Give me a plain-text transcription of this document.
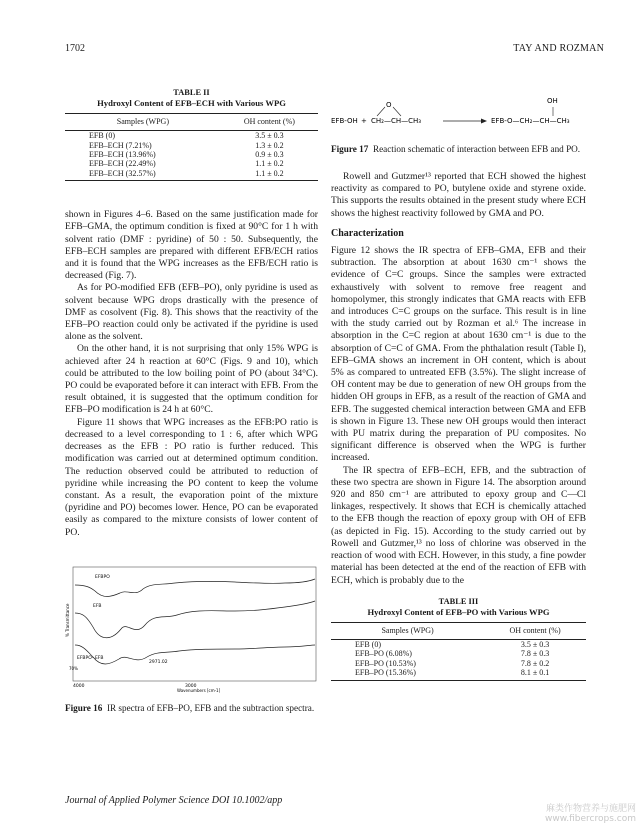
1702	TAY AND ROZMAN
TABLE II
Hydroxyl Content of EFB–ECH with Various WPG
Samples (WPG)	OH content (%)
EFB (0)	3.5 ± 0.3
EFB–ECH (7.21%)	1.3 ± 0.2
EFB–ECH (13.96%)	0.9 ± 0.3
EFB–ECH (22.49%)	1.1 ± 0.2
EFB–ECH (32.57%)	1.1 ± 0.2

shown in Figures 4–6. Based on the same justification made for EFB–GMA, the optimum condition is fixed at 90°C for 1 h with solvent ratio (DMF : pyridine) of 50 : 50. Subsequently, the EFB–ECH samples are prepared with different EFB/ECH ratios and it is found that the WPG increases as the EFB/ECH ratio is decreased (Fig. 7).

As for PO-modified EFB (EFB–PO), only pyridine is used as solvent because WPG drops drastically with the presence of DMF as cosolvent (Fig. 8). This shows that the reactivity of the EFB–PO reaction could only be activated if the pyridine is used alone as the solvent.

On the other hand, it is not surprising that only 15% WPG is achieved after 24 h reaction at 60°C (Figs. 9 and 10), which could be attributed to the low boiling point of PO (about 34°C). PO could be evaporated before it can interact with EFB. From the result obtained, it is suggested that the optimum condition for EFB–PO modification is 24 h at 60°C.

Figure 11 shows that WPG increases as the EFB:PO ratio is decreased to a level corresponding to 1 : 6, after which WPG decreases as the EFB : PO ratio is further reduced. This modification was carried out at determined optimum condition. The reduction observed could be attributed to reduction of pyridine while increasing the PO content to keep the volume constant. As a result, the evaporation point of the mixture (pyridine and PO) becomes lower. Hence, PO can be evaporated easily as compared to the mixture consists of lower content of PO.

EFBPO
EFB
EFBPO- EFB
2971.02
70%
% Transmittance
4000	3000
Wavenumbers [cm-1]
Figure 16 IR spectra of EFB–PO, EFB and the subtraction spectra.
EFB-OH + CH₂—CH—CH₃
O
EFB-O—CH₂—CH—CH₃
OH
Figure 17 Reaction schematic of interaction between EFB and PO.

Rowell and Gutzmer¹³ reported that ECH showed the highest reactivity as compared to PO, butylene oxide and styrene oxide. This supports the results obtained in the present study where ECH shows the highest reactivity followed by GMA and PO.

Characterization

Figure 12 shows the IR spectra of EFB–GMA, EFB and their subtraction. The absorption at about 1630 cm⁻¹ shows the evidence of C=C groups. Since the samples were extracted exhaustively with solvent to remove free reagent and homopolymer, this strongly indicates that GMA reacts with EFB and introduces C=C groups on the surface. This result is in line with the study carried out by Rozman et al.⁶ The increase in absorption in the C=C region at about 1630 cm⁻¹ is due to the absorption of C=C of GMA. From the phthalation result (Table I), EFB–GMA shows an increment in OH content, which is about 5% as compared to untreated EFB (3.5%). The slight increase of OH content may be due to generation of new OH groups from the hidden OH groups in EFB, as a result of the reaction of GMA and EFB. The suggested chemical interaction between GMA and EFB is shown in Figure 13. These new OH groups would then interact with PU matrix during the preparation of PU composites. No significant difference is observed when the WPG is further increased.

The IR spectra of EFB–ECH, EFB, and the subtraction of these two spectra are shown in Figure 14. The absorption around 920 and 850 cm⁻¹ are attributed to epoxy group and C—Cl linkages, respectively. It shows that ECH is chemically attached to the EFB though the reaction of epoxy group with OH of EFB (as depicted in Fig. 15). According to the study carried out by Rowell and Gutzmer,¹³ no loss of chlorine was observed in the reaction of wood with ECH. However, in this study, a fine powder material has been detected at the end of the reaction of EFB with ECH, which is probably due to the

TABLE III
Hydroxyl Content of EFB–PO with Various WPG
Samples (WPG)	OH content (%)
EFB (0)	3.5 ± 0.3
EFB–PO (6.08%)	7.8 ± 0.3
EFB–PO (10.53%)	7.8 ± 0.2
EFB–PO (15.36%)	8.1 ± 0.1
Journal of Applied Polymer Science DOI 10.1002/app
麻类作物营养与施肥网
www.fibercrops.com
